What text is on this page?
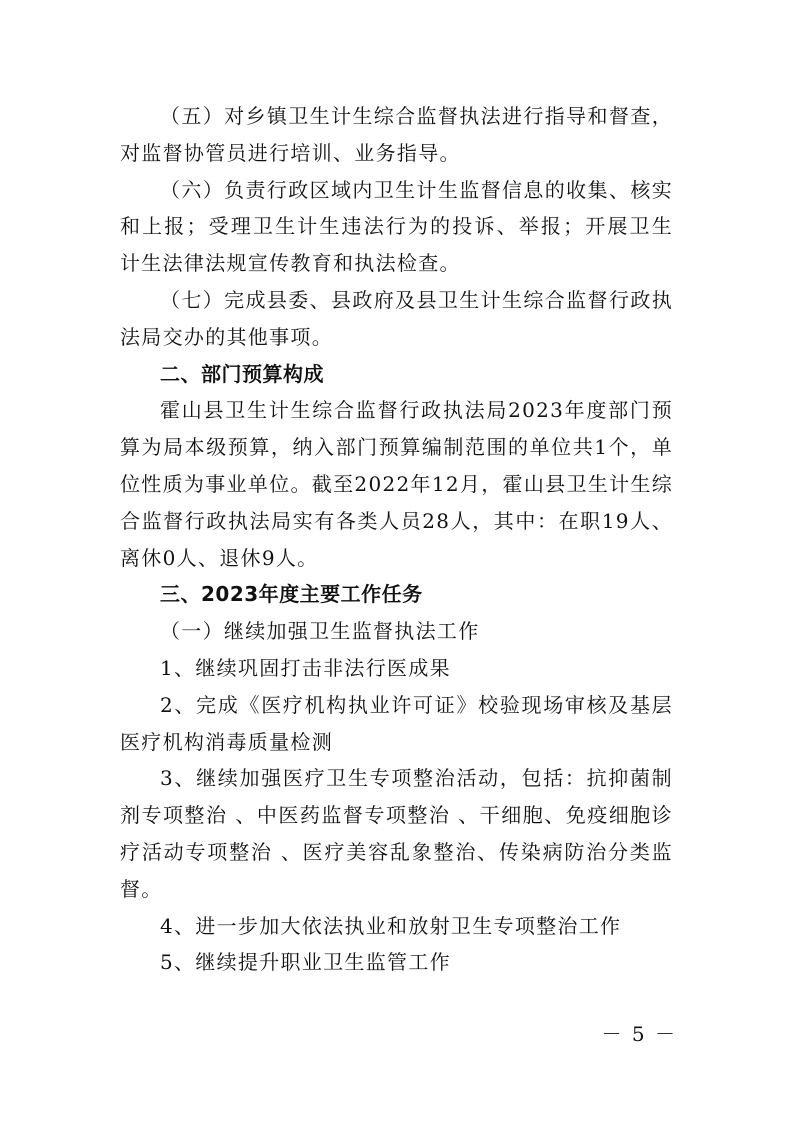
（五）对乡镇卫生计生综合监督执法进行指导和督查，对监督协管员进行培训、业务指导。

（六）负责行政区域内卫生计生监督信息的收集、核实和上报；受理卫生计生违法行为的投诉、举报；开展卫生计生法律法规宣传教育和执法检查。

（七）完成县委、县政府及县卫生计生综合监督行政执法局交办的其他事项。

二、部门预算构成

霍山县卫生计生综合监督行政执法局2023年度部门预算为局本级预算，纳入部门预算编制范围的单位共1个，单位性质为事业单位。截至2022年12月，霍山县卫生计生综合监督行政执法局实有各类人员28人，其中：在职19人、离休0人、退休9人。

三、2023年度主要工作任务

（一）继续加强卫生监督执法工作

1、继续巩固打击非法行医成果

2、完成《医疗机构执业许可证》校验现场审核及基层医疗机构消毒质量检测

3、继续加强医疗卫生专项整治活动，包括：抗抑菌制剂专项整治 、中医药监督专项整治 、干细胞、免疫细胞诊疗活动专项整治 、医疗美容乱象整治、传染病防治分类监督。

4、进一步加大依法执业和放射卫生专项整治工作

5、继续提升职业卫生监管工作

－ 5 －
